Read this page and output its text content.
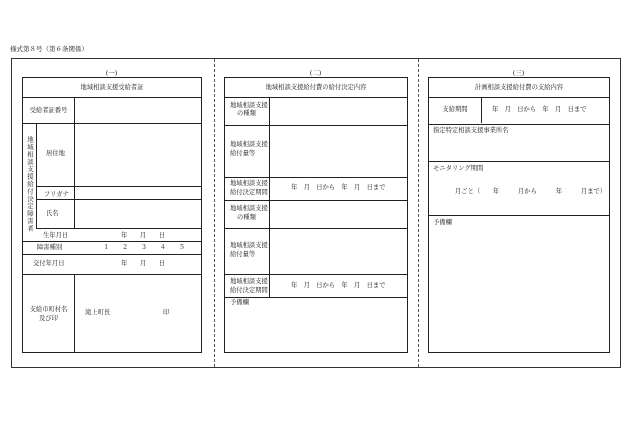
様式第８号（第６条関係）
(一)
地域相談支援受給者証
受給者証番号
地域相談支援給付決定障害者 居住地
フリガナ
氏名
生年月日	年　　月　　日
障害種別	１　　２　　３　　４　　５
交付年月日	年　　月　　日
支給市町村名
及び印
滝上町長	印
(二)
地域相談支援給付費の給付決定内容
地域相談支援
の種類
地域相談支援
給付量等
地域相談支援
給付決定期間
年　月　日から　年　月　日まで
地域相談支援
の種類
地域相談支援
給付量等
地域相談支援
給付決定期間
年　月　日から　年　月　日まで
予備欄
(三)
計画相談支援給付費の支給内容
支給期間	年　月　日から　年　月　日まで
指定特定相談支援事業所名
モニタリング期間
月ごと（　　年　　　月から　　　年　　　月まで）
予備欄
